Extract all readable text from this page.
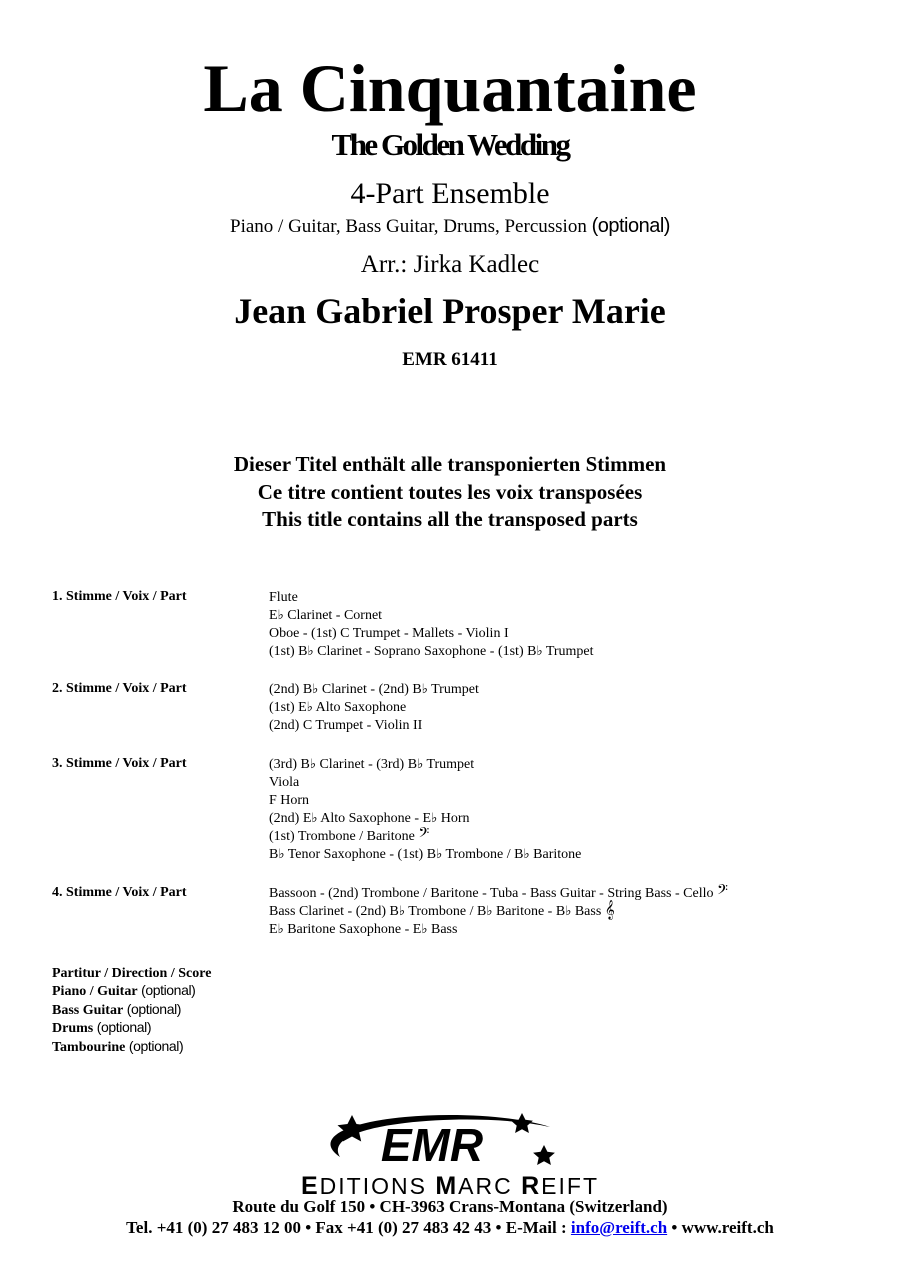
La Cinquantaine
The Golden Wedding
4-Part Ensemble
Piano / Guitar, Bass Guitar, Drums, Percussion (optional)
Arr.: Jirka Kadlec
Jean Gabriel Prosper Marie
EMR 61411
Dieser Titel enthält alle transponierten Stimmen
Ce titre contient toutes les voix transposées
This title contains all the transposed parts
1. Stimme / Voix / Part	Flute
E♭ Clarinet - Cornet
Oboe - (1st) C Trumpet - Mallets - Violin I
(1st) B♭ Clarinet - Soprano Saxophone - (1st) B♭ Trumpet
2. Stimme / Voix / Part	(2nd) B♭ Clarinet - (2nd) B♭ Trumpet
(1st) E♭ Alto Saxophone
(2nd) C Trumpet - Violin II
3. Stimme / Voix / Part	(3rd) B♭ Clarinet - (3rd) B♭ Trumpet
Viola
F Horn
(2nd) E♭ Alto Saxophone - E♭ Horn
(1st) Trombone / Baritone 𝄢
B♭ Tenor Saxophone - (1st) B♭ Trombone / B♭ Baritone
4. Stimme / Voix / Part	Bassoon - (2nd) Trombone / Baritone - Tuba - Bass Guitar - String Bass - Cello 𝄢
Bass Clarinet - (2nd) B♭ Trombone / B♭ Baritone - B♭ Bass 𝄞
E♭ Baritone Saxophone - E♭ Bass
Partitur / Direction / Score
Piano / Guitar (optional)
Bass Guitar (optional)
Drums (optional)
Tambourine (optional)
EMR
EDITIONS MARC REIFT
Route du Golf 150 • CH-3963 Crans-Montana (Switzerland)
Tel. +41 (0) 27 483 12 00 • Fax +41 (0) 27 483 42 43 • E-Mail : info@reift.ch • www.reift.ch
